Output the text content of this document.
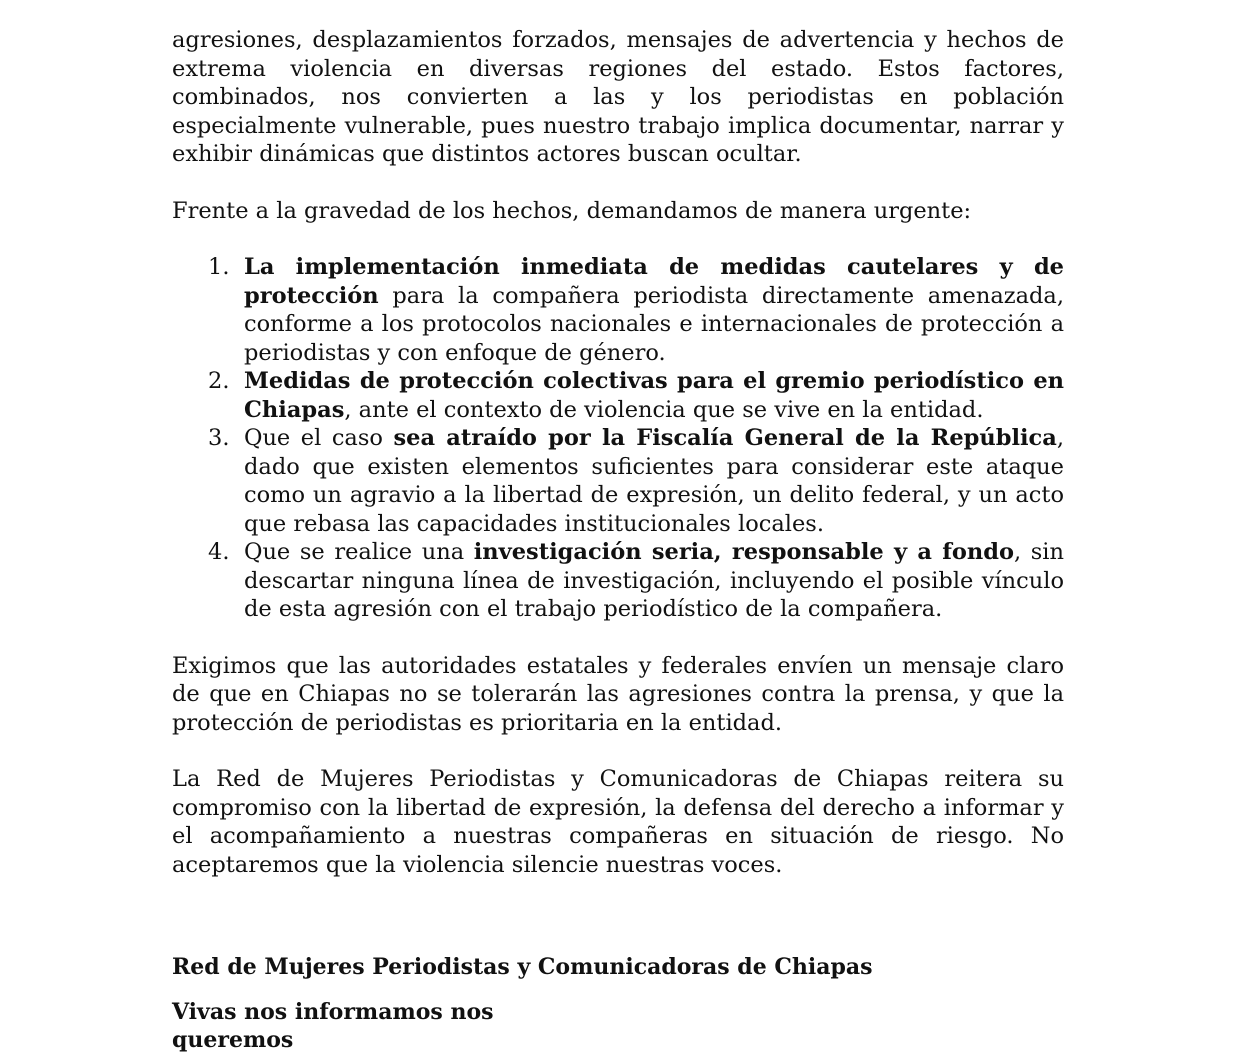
agresiones, desplazamientos forzados, mensajes de advertencia y hechos de extrema violencia en diversas regiones del estado. Estos factores, combinados, nos convierten a las y los periodistas en población especialmente vulnerable, pues nuestro trabajo implica documentar, narrar y exhibir dinámicas que distintos actores buscan ocultar.

Frente a la gravedad de los hechos, demandamos de manera urgente:

1. La implementación inmediata de medidas cautelares y de protección para la compañera periodista directamente amenazada, conforme a los protocolos nacionales e internacionales de protección a periodistas y con enfoque de género.
2. Medidas de protección colectivas para el gremio periodístico en Chiapas, ante el contexto de violencia que se vive en la entidad.
3. Que el caso sea atraído por la Fiscalía General de la República, dado que existen elementos suficientes para considerar este ataque como un agravio a la libertad de expresión, un delito federal, y un acto que rebasa las capacidades institucionales locales.
4. Que se realice una investigación seria, responsable y a fondo, sin descartar ninguna línea de investigación, incluyendo el posible vínculo de esta agresión con el trabajo periodístico de la compañera.

Exigimos que las autoridades estatales y federales envíen un mensaje claro de que en Chiapas no se tolerarán las agresiones contra la prensa, y que la protección de periodistas es prioritaria en la entidad.

La Red de Mujeres Periodistas y Comunicadoras de Chiapas reitera su compromiso con la libertad de expresión, la defensa del derecho a informar y el acompañamiento a nuestras compañeras en situación de riesgo. No aceptaremos que la violencia silencie nuestras voces.

Red de Mujeres Periodistas y Comunicadoras de Chiapas
Vivas nos informamos nos queremos
